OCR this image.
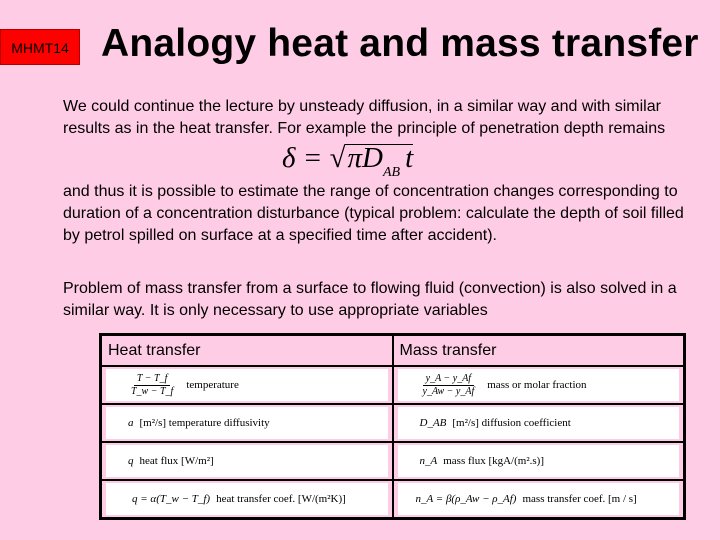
MHMT14 Analogy heat and mass transfer
We could continue the lecture by unsteady diffusion, in a similar way and with similar results as in the heat transfer. For example the principle of penetration depth remains
$\delta = √\pi D_{AB}$ t
and thus it is possible to estimate the range of concentration changes corresponding to duration of a concentration disturbance (typical problem: calculate the depth of soil filled by petrol spilled on surface at a specified time after accident).
Problem of mass transfer from a surface to flowing fluid (convection) is also solved in a similar way. It is only necessary to use appropriate variables
Heat transfer	Mass transfer

$\frac{T - T\_f}{T\_w - T\_f}$ temperature	$\frac{y\_A - y\_Af}{y\_Aw - y\_Af}$ mass or molar fraction

a [m²/s] temperature diffusivity	D_AB [m²/s] diffusion coefficient

q heat flux [W/m²]	n_A mass flux [kgA/(m².s)]

q = α(T_w − T_f) heat transfer coef. [W/(m²K)]	n_A = β(ρ_Aw − ρ_Af) mass transfer coef. [m / s]
